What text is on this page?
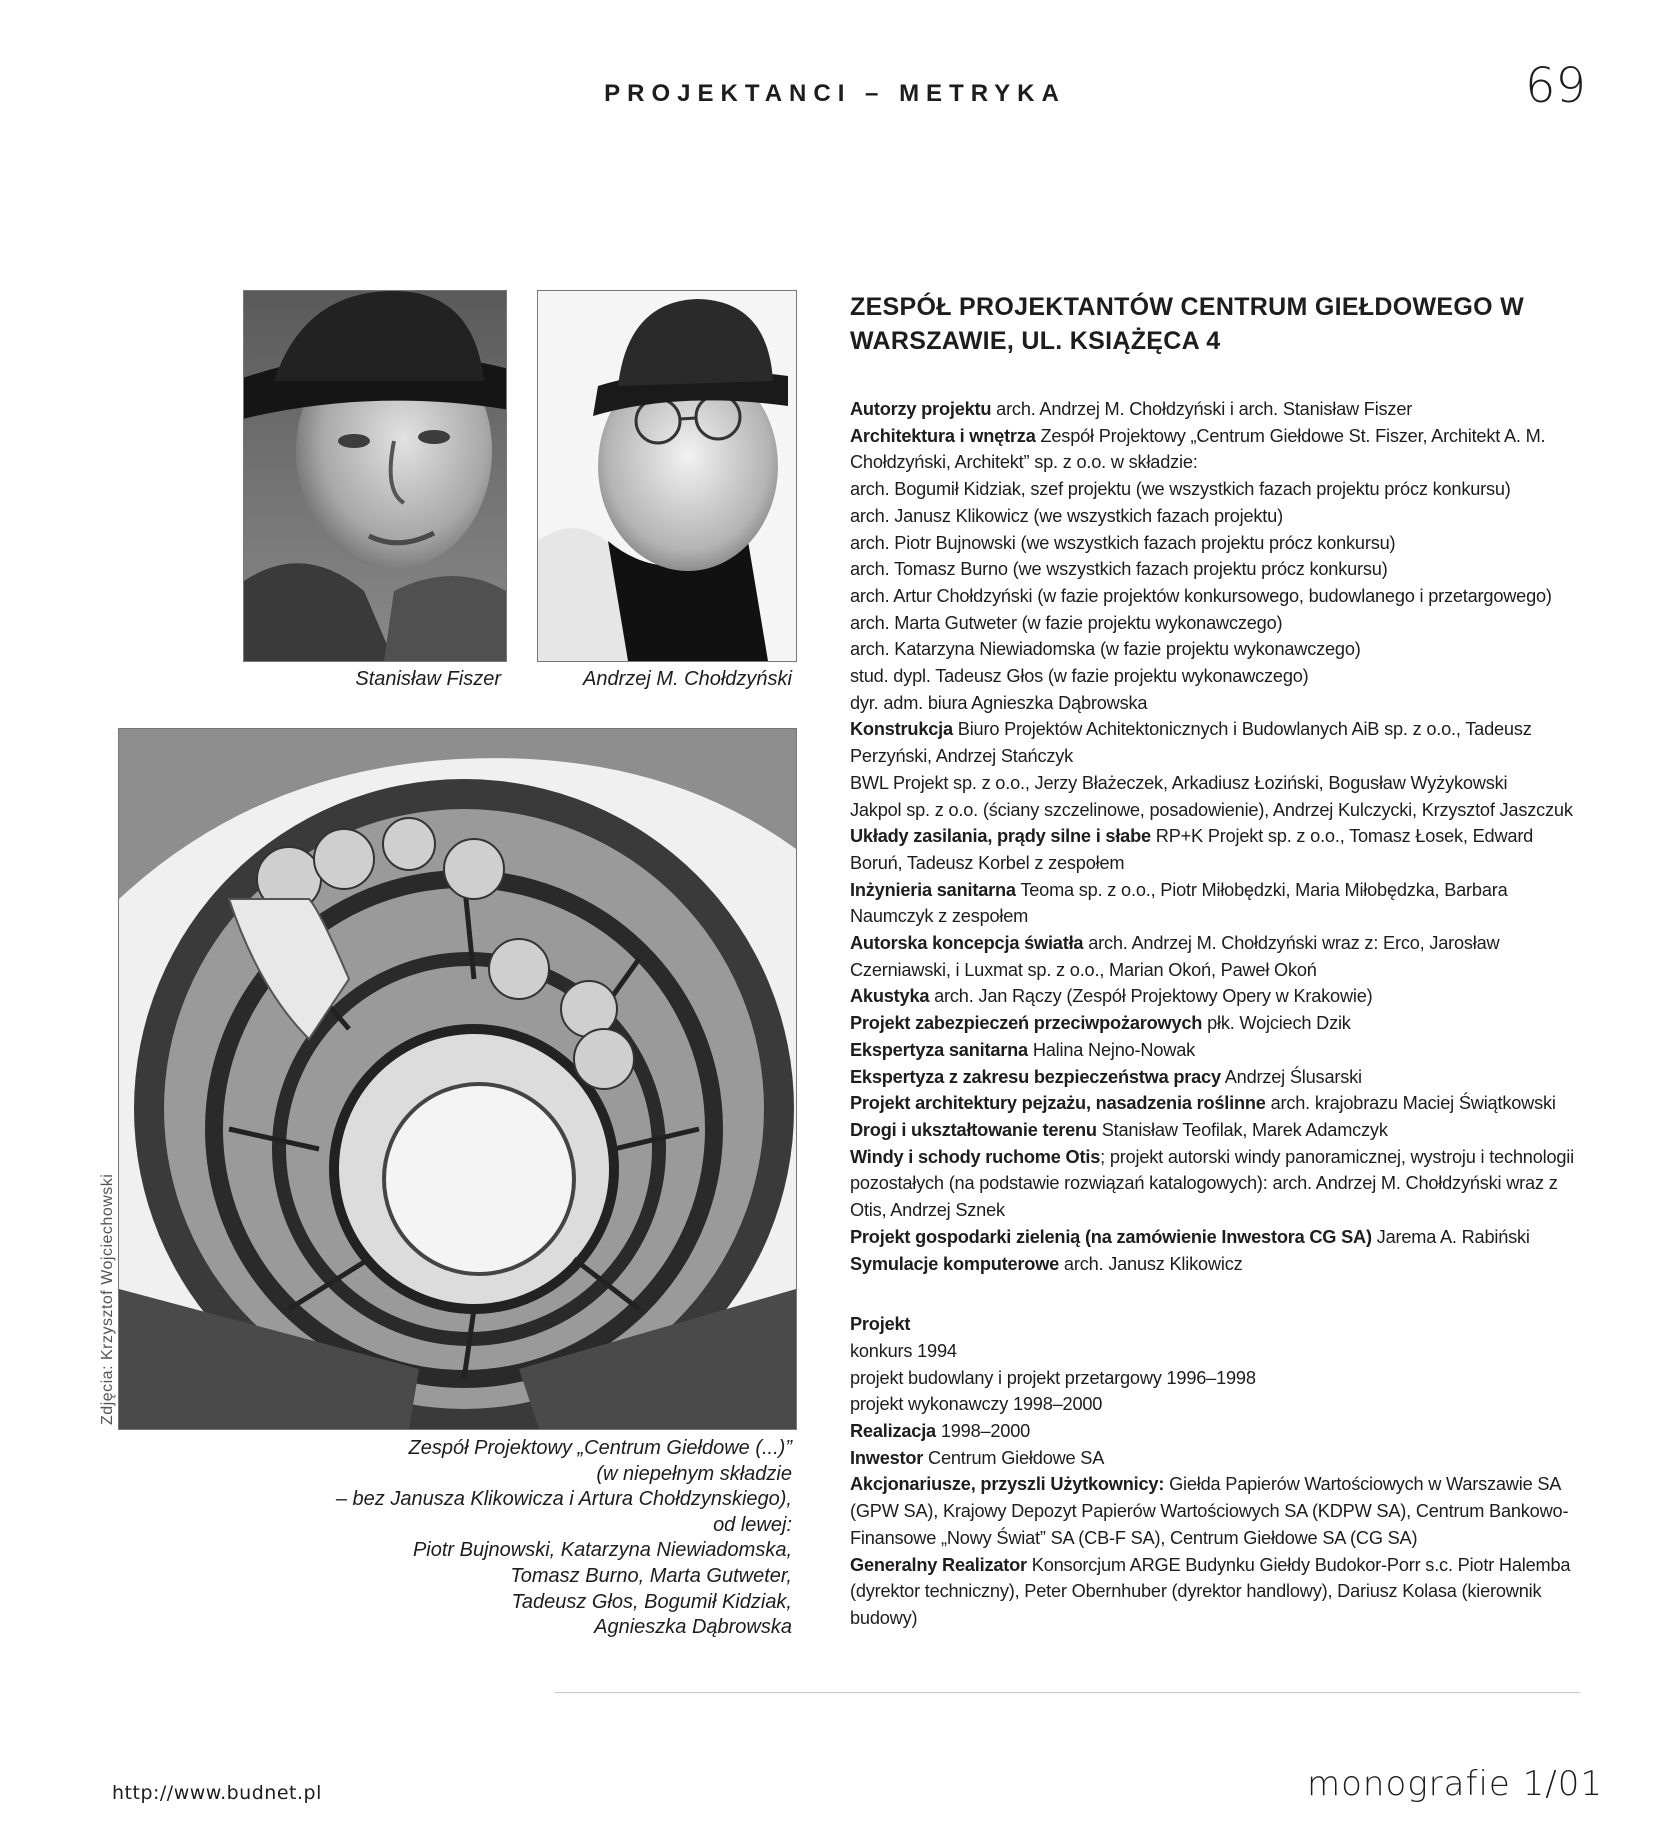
PROJEKTANCI – METRYKA	69
Stanisław Fiszer	Andrzej M. Chołdzyński
Zdjęcia: Krzysztof Wojciechowski
Zespół Projektowy „Centrum Giełdowe (...)”
(w niepełnym składzie
– bez Janusza Klikowicza i Artura Chołdzynskiego),
od lewej:
Piotr Bujnowski, Katarzyna Niewiadomska,
Tomasz Burno, Marta Gutweter,
Tadeusz Głos, Bogumił Kidziak,
Agnieszka Dąbrowska
ZESPÓŁ PROJEKTANTÓW CENTRUM GIEŁDOWEGO W WARSZAWIE, UL. KSIĄŻĘCA 4

Autorzy projektu arch. Andrzej M. Chołdzyński i arch. Stanisław Fiszer

Architektura i wnętrza Zespół Projektowy „Centrum Giełdowe St. Fiszer, Architekt A. M. Chołdzyński, Architekt” sp. z o.o. w składzie:

arch. Bogumił Kidziak, szef projektu (we wszystkich fazach projektu prócz konkursu)

arch. Janusz Klikowicz (we wszystkich fazach projektu)

arch. Piotr Bujnowski (we wszystkich fazach projektu prócz konkursu)

arch. Tomasz Burno (we wszystkich fazach projektu prócz konkursu)

arch. Artur Chołdzyński (w fazie projektów konkursowego, budowlanego i przetargowego)

arch. Marta Gutweter (w fazie projektu wykonawczego)

arch. Katarzyna Niewiadomska (w fazie projektu wykonawczego)

stud. dypl. Tadeusz Głos (w fazie projektu wykonawczego)

dyr. adm. biura Agnieszka Dąbrowska

Konstrukcja Biuro Projektów Achitektonicznych i Budowlanych AiB sp. z o.o., Tadeusz Perzyński, Andrzej Stańczyk

BWL Projekt sp. z o.o., Jerzy Błażeczek, Arkadiusz Łoziński, Bogusław Wyżykowski

Jakpol sp. z o.o. (ściany szczelinowe, posadowienie), Andrzej Kulczycki, Krzysztof Jaszczuk

Układy zasilania, prądy silne i słabe RP+K Projekt sp. z o.o., Tomasz Łosek, Edward Boruń, Tadeusz Korbel z zespołem

Inżynieria sanitarna Teoma sp. z o.o., Piotr Miłobędzki, Maria Miłobędzka, Barbara Naumczyk z zespołem

Autorska koncepcja światła arch. Andrzej M. Chołdzyński wraz z: Erco, Jarosław Czerniawski, i Luxmat sp. z o.o., Marian Okoń, Paweł Okoń

Akustyka arch. Jan Rączy (Zespół Projektowy Opery w Krakowie)

Projekt zabezpieczeń przeciwpożarowych płk. Wojciech Dzik

Ekspertyza sanitarna Halina Nejno-Nowak

Ekspertyza z zakresu bezpieczeństwa pracy Andrzej Ślusarski

Projekt architektury pejzażu, nasadzenia roślinne arch. krajobrazu Maciej Świątkowski

Drogi i ukształtowanie terenu Stanisław Teofilak, Marek Adamczyk

Windy i schody ruchome Otis; projekt autorski windy panoramicznej, wystroju i technologii pozostałych (na podstawie rozwiązań katalogowych): arch. Andrzej M. Chołdzyński wraz z Otis, Andrzej Sznek

Projekt gospodarki zielenią (na zamówienie Inwestora CG SA) Jarema A. Rabiński

Symulacje komputerowe arch. Janusz Klikowicz

Projekt

konkurs 1994

projekt budowlany i projekt przetargowy 1996–1998

projekt wykonawczy 1998–2000

Realizacja 1998–2000

Inwestor Centrum Giełdowe SA

Akcjonariusze, przyszli Użytkownicy: Giełda Papierów Wartościowych w Warszawie SA (GPW SA), Krajowy Depozyt Papierów Wartościowych SA (KDPW SA), Centrum Bankowo-Finansowe „Nowy Świat” SA (CB-F SA), Centrum Giełdowe SA (CG SA)

Generalny Realizator Konsorcjum ARGE Budynku Giełdy Budokor-Porr s.c. Piotr Halemba (dyrektor techniczny), Peter Obernhuber (dyrektor handlowy), Dariusz Kolasa (kierownik budowy)

http://www.budnet.pl	monografie 1/01
